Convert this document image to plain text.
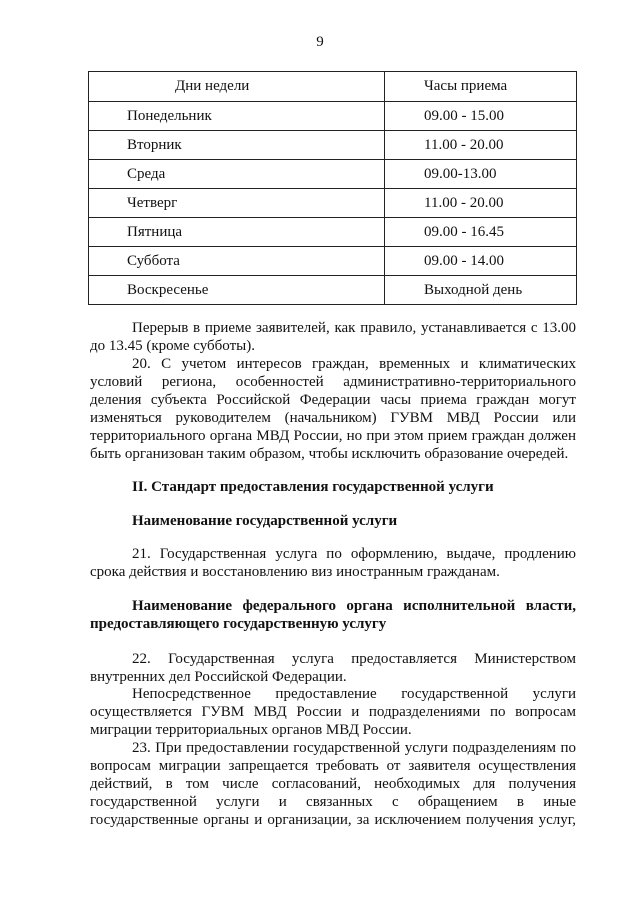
9
Дни недели	Часы приема
Понедельник	09.00 - 15.00
Вторник	11.00 - 20.00
Среда	09.00-13.00
Четверг	11.00 - 20.00
Пятница	09.00 - 16.45
Суббота	09.00 - 14.00
Воскресенье	Выходной день

Перерыв в приеме заявителей, как правило, устанавливается с 13.00 до 13.45 (кроме субботы).

20. С учетом интересов граждан, временных и климатических условий региона, особенностей административно-территориального деления субъекта Российской Федерации часы приема граждан могут изменяться руководителем (начальником) ГУВМ МВД России или территориального органа МВД России, но при этом прием граждан должен быть организован таким образом, чтобы исключить образование очередей.

II. Стандарт предоставления государственной услуги

Наименование государственной услуги

21. Государственная услуга по оформлению, выдаче, продлению срока действия и восстановлению виз иностранным гражданам.

Наименование федерального органа исполнительной власти, предоставляющего государственную услугу

22. Государственная услуга предоставляется Министерством внутренних дел Российской Федерации.

Непосредственное предоставление государственной услуги осуществляется ГУВМ МВД России и подразделениями по вопросам миграции территориальных органов МВД России.

23. При предоставлении государственной услуги подразделениям по вопросам миграции запрещается требовать от заявителя осуществления действий, в том числе согласований, необходимых для получения государственной услуги и связанных с обращением в иные государственные органы и организации, за исключением получения услуг,
